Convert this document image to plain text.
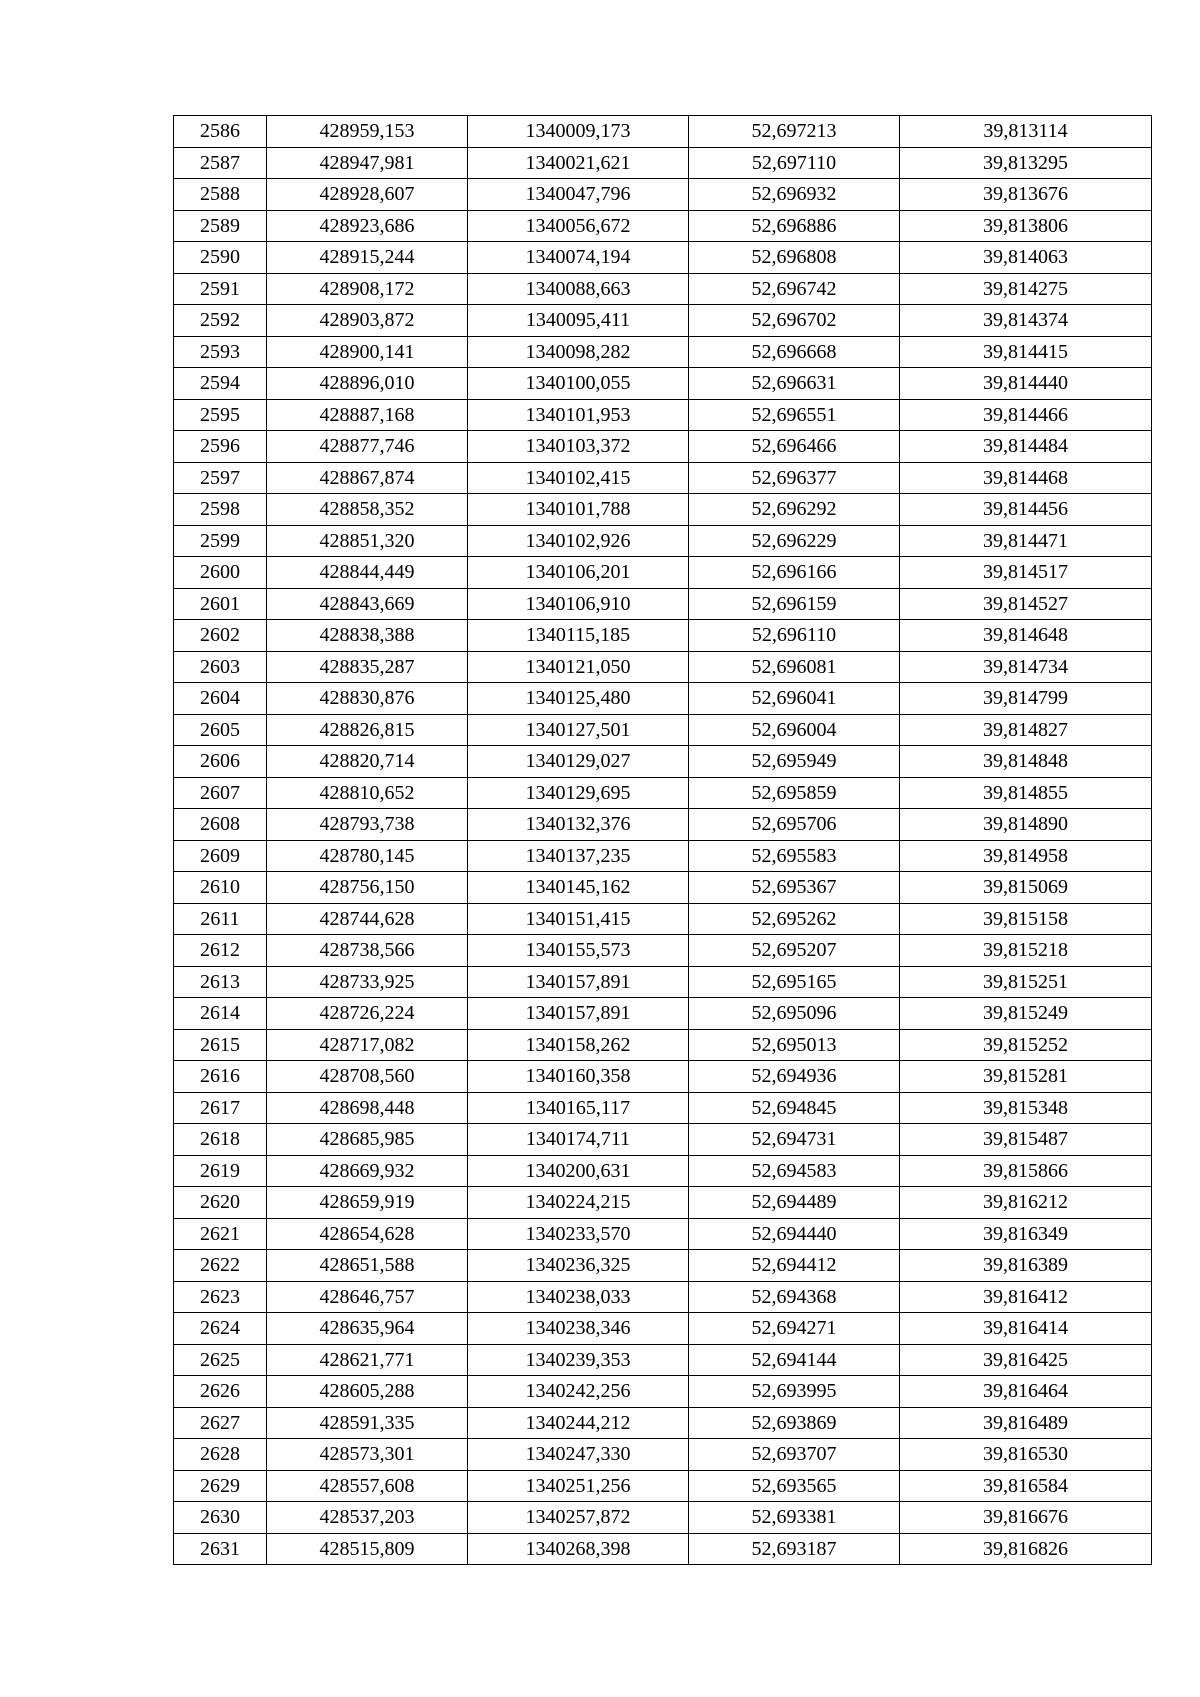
2586	428959,153	1340009,173	52,697213	39,813114
2587	428947,981	1340021,621	52,697110	39,813295
2588	428928,607	1340047,796	52,696932	39,813676
2589	428923,686	1340056,672	52,696886	39,813806
2590	428915,244	1340074,194	52,696808	39,814063
2591	428908,172	1340088,663	52,696742	39,814275
2592	428903,872	1340095,411	52,696702	39,814374
2593	428900,141	1340098,282	52,696668	39,814415
2594	428896,010	1340100,055	52,696631	39,814440
2595	428887,168	1340101,953	52,696551	39,814466
2596	428877,746	1340103,372	52,696466	39,814484
2597	428867,874	1340102,415	52,696377	39,814468
2598	428858,352	1340101,788	52,696292	39,814456
2599	428851,320	1340102,926	52,696229	39,814471
2600	428844,449	1340106,201	52,696166	39,814517
2601	428843,669	1340106,910	52,696159	39,814527
2602	428838,388	1340115,185	52,696110	39,814648
2603	428835,287	1340121,050	52,696081	39,814734
2604	428830,876	1340125,480	52,696041	39,814799
2605	428826,815	1340127,501	52,696004	39,814827
2606	428820,714	1340129,027	52,695949	39,814848
2607	428810,652	1340129,695	52,695859	39,814855
2608	428793,738	1340132,376	52,695706	39,814890
2609	428780,145	1340137,235	52,695583	39,814958
2610	428756,150	1340145,162	52,695367	39,815069
2611	428744,628	1340151,415	52,695262	39,815158
2612	428738,566	1340155,573	52,695207	39,815218
2613	428733,925	1340157,891	52,695165	39,815251
2614	428726,224	1340157,891	52,695096	39,815249
2615	428717,082	1340158,262	52,695013	39,815252
2616	428708,560	1340160,358	52,694936	39,815281
2617	428698,448	1340165,117	52,694845	39,815348
2618	428685,985	1340174,711	52,694731	39,815487
2619	428669,932	1340200,631	52,694583	39,815866
2620	428659,919	1340224,215	52,694489	39,816212
2621	428654,628	1340233,570	52,694440	39,816349
2622	428651,588	1340236,325	52,694412	39,816389
2623	428646,757	1340238,033	52,694368	39,816412
2624	428635,964	1340238,346	52,694271	39,816414
2625	428621,771	1340239,353	52,694144	39,816425
2626	428605,288	1340242,256	52,693995	39,816464
2627	428591,335	1340244,212	52,693869	39,816489
2628	428573,301	1340247,330	52,693707	39,816530
2629	428557,608	1340251,256	52,693565	39,816584
2630	428537,203	1340257,872	52,693381	39,816676
2631	428515,809	1340268,398	52,693187	39,816826
